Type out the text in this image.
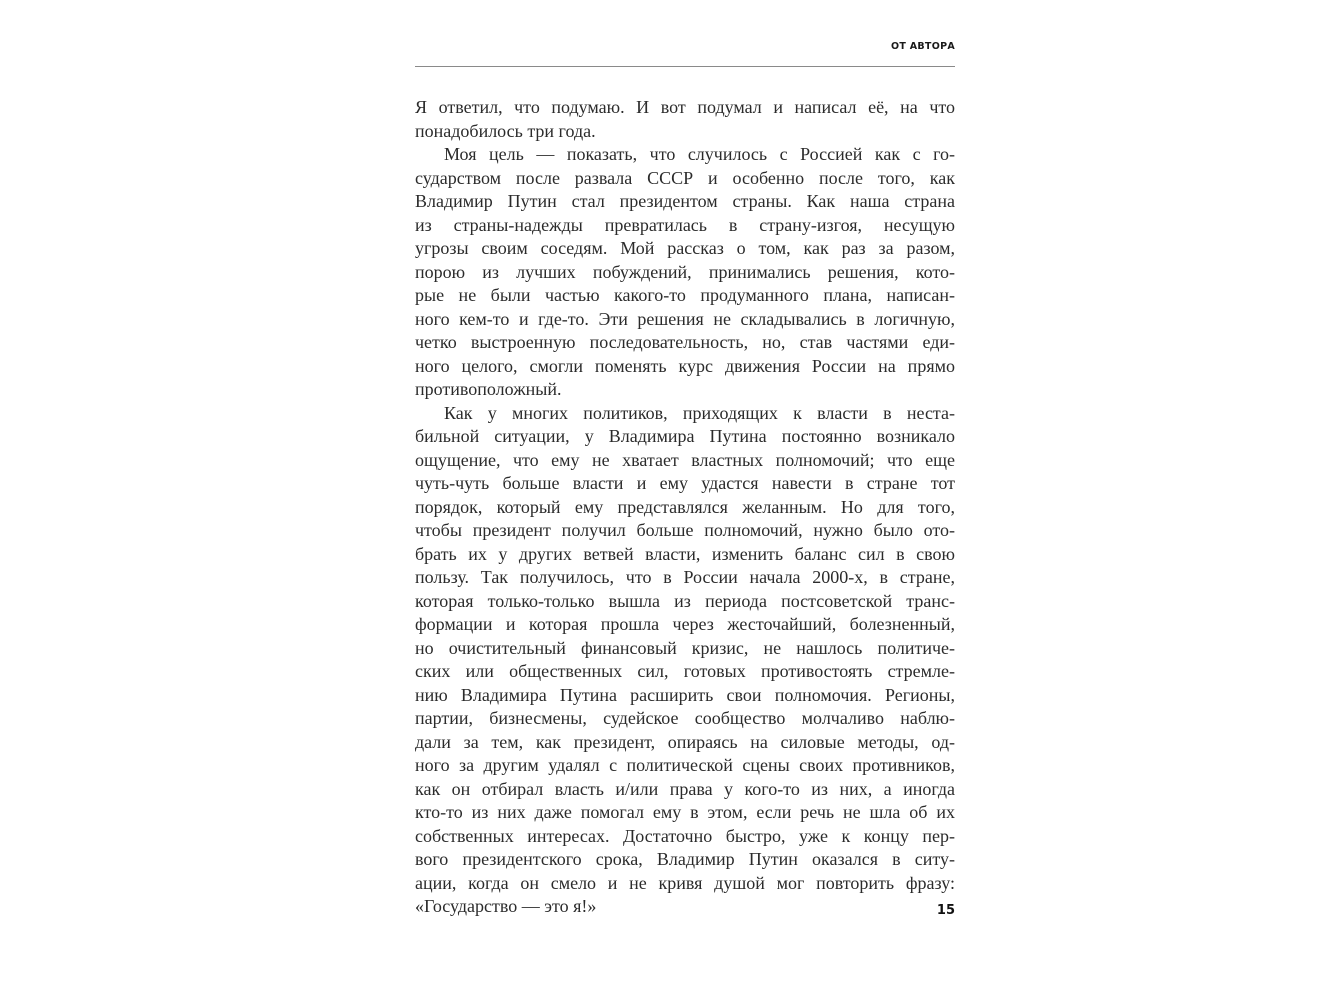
ОТ АВТОРА
Я ответил, что подумаю. И вот подумал и написал её, на что
понадобилось три года.
Моя цель — показать, что случилось с Россией как с го-
сударством после развала СССР и особенно после того, как
Владимир Путин стал президентом страны. Как наша страна
из страны-надежды превратилась в страну-изгоя, несущую
угрозы своим соседям. Мой рассказ о том, как раз за разом,
порою из лучших побуждений, принимались решения, кото-
рые не были частью какого-то продуманного плана, написан-
ного кем-то и где-то. Эти решения не складывались в логичную,
четко выстроенную последовательность, но, став частями еди-
ного целого, смогли поменять курс движения России на прямо
противоположный.
Как у многих политиков, приходящих к власти в неста-
бильной ситуации, у Владимира Путина постоянно возникало
ощущение, что ему не хватает властных полномочий; что еще
чуть-чуть больше власти и ему удастся навести в стране тот
порядок, который ему представлялся желанным. Но для того,
чтобы президент получил больше полномочий, нужно было ото-
брать их у других ветвей власти, изменить баланс сил в свою
пользу. Так получилось, что в России начала 2000-х, в стране,
которая только-только вышла из периода постсоветской транс-
формации и которая прошла через жесточайший, болезненный,
но очистительный финансовый кризис, не нашлось политиче-
ских или общественных сил, готовых противостоять стремле-
нию Владимира Путина расширить свои полномочия. Регионы,
партии, бизнесмены, судейское сообщество молчаливо наблю-
дали за тем, как президент, опираясь на силовые методы, од-
ного за другим удалял с политической сцены своих противников,
как он отбирал власть и/или права у кого-то из них, а иногда
кто-то из них даже помогал ему в этом, если речь не шла об их
собственных интересах. Достаточно быстро, уже к концу пер-
вого президентского срока, Владимир Путин оказался в ситу-
ации, когда он смело и не кривя душой мог повторить фразу:
«Государство — это я!»	15
